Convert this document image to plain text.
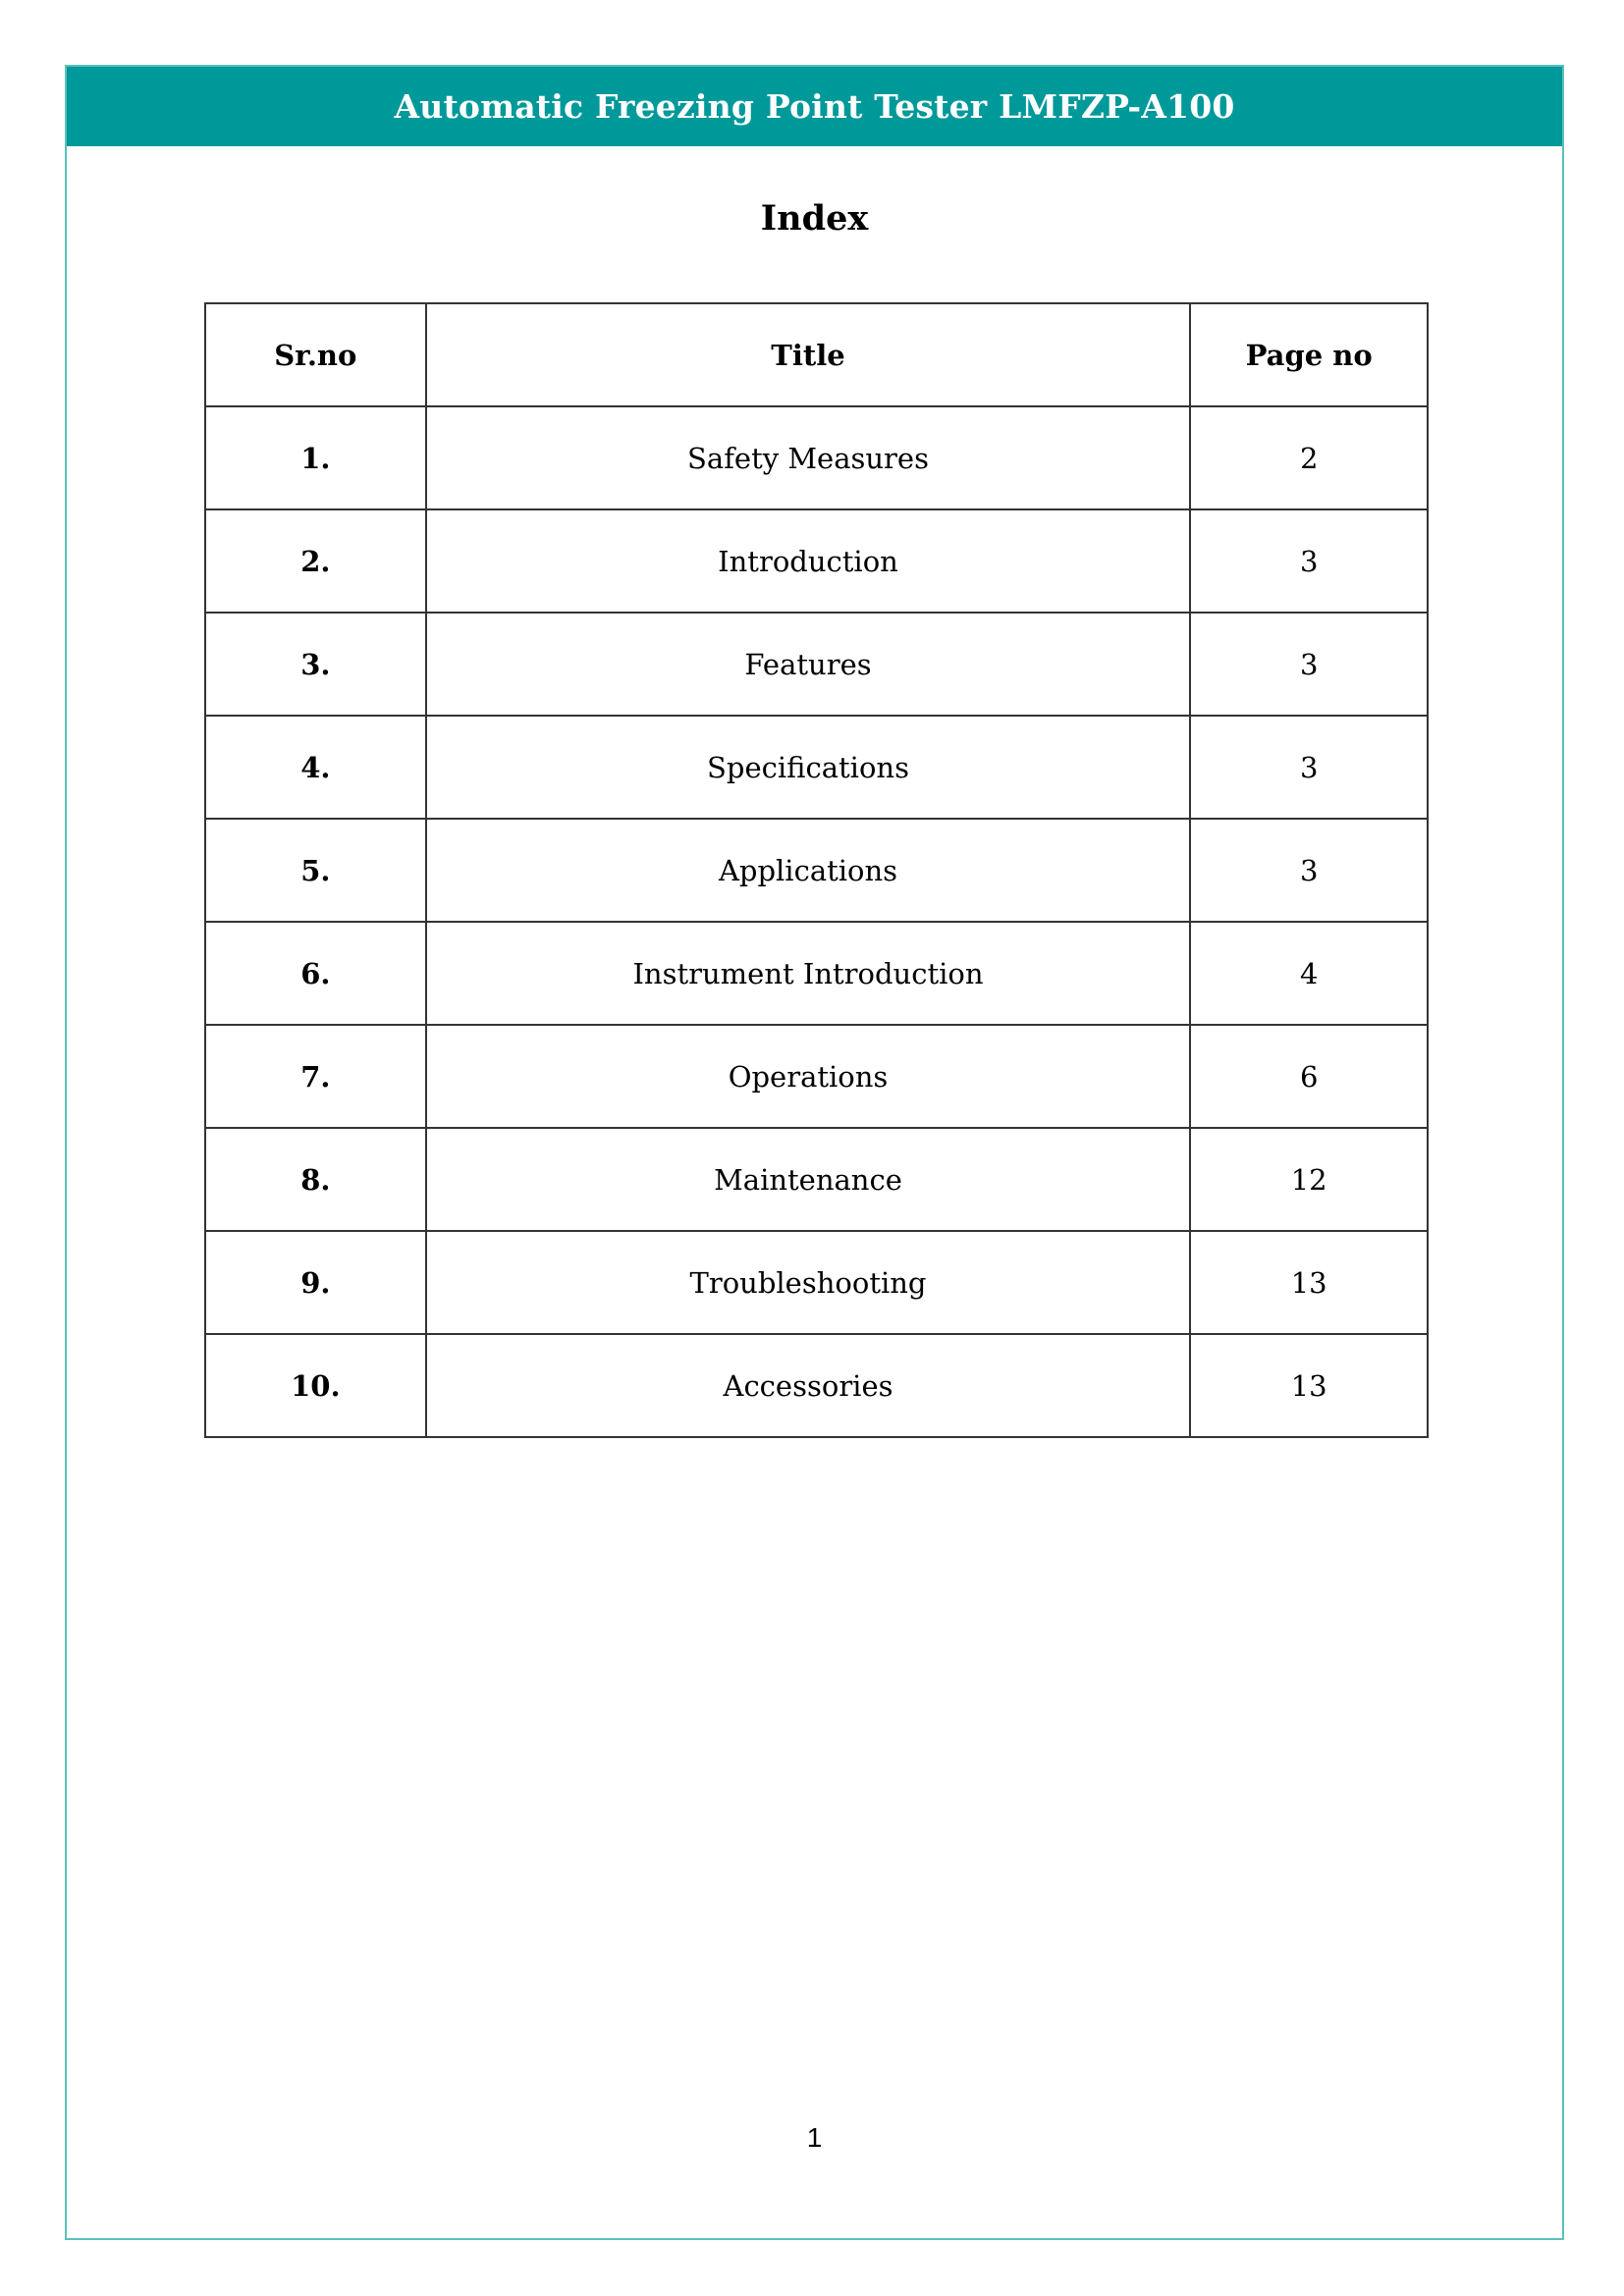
Automatic Freezing Point Tester LMFZP-A100
Index
Sr.no	Title	Page no
1.	Safety Measures	2
2.	Introduction	3
3.	Features	3
4.	Specifications	3
5.	Applications	3
6.	Instrument Introduction	4
7.	Operations	6
8.	Maintenance	12
9.	Troubleshooting	13
10.	Accessories	13
1
